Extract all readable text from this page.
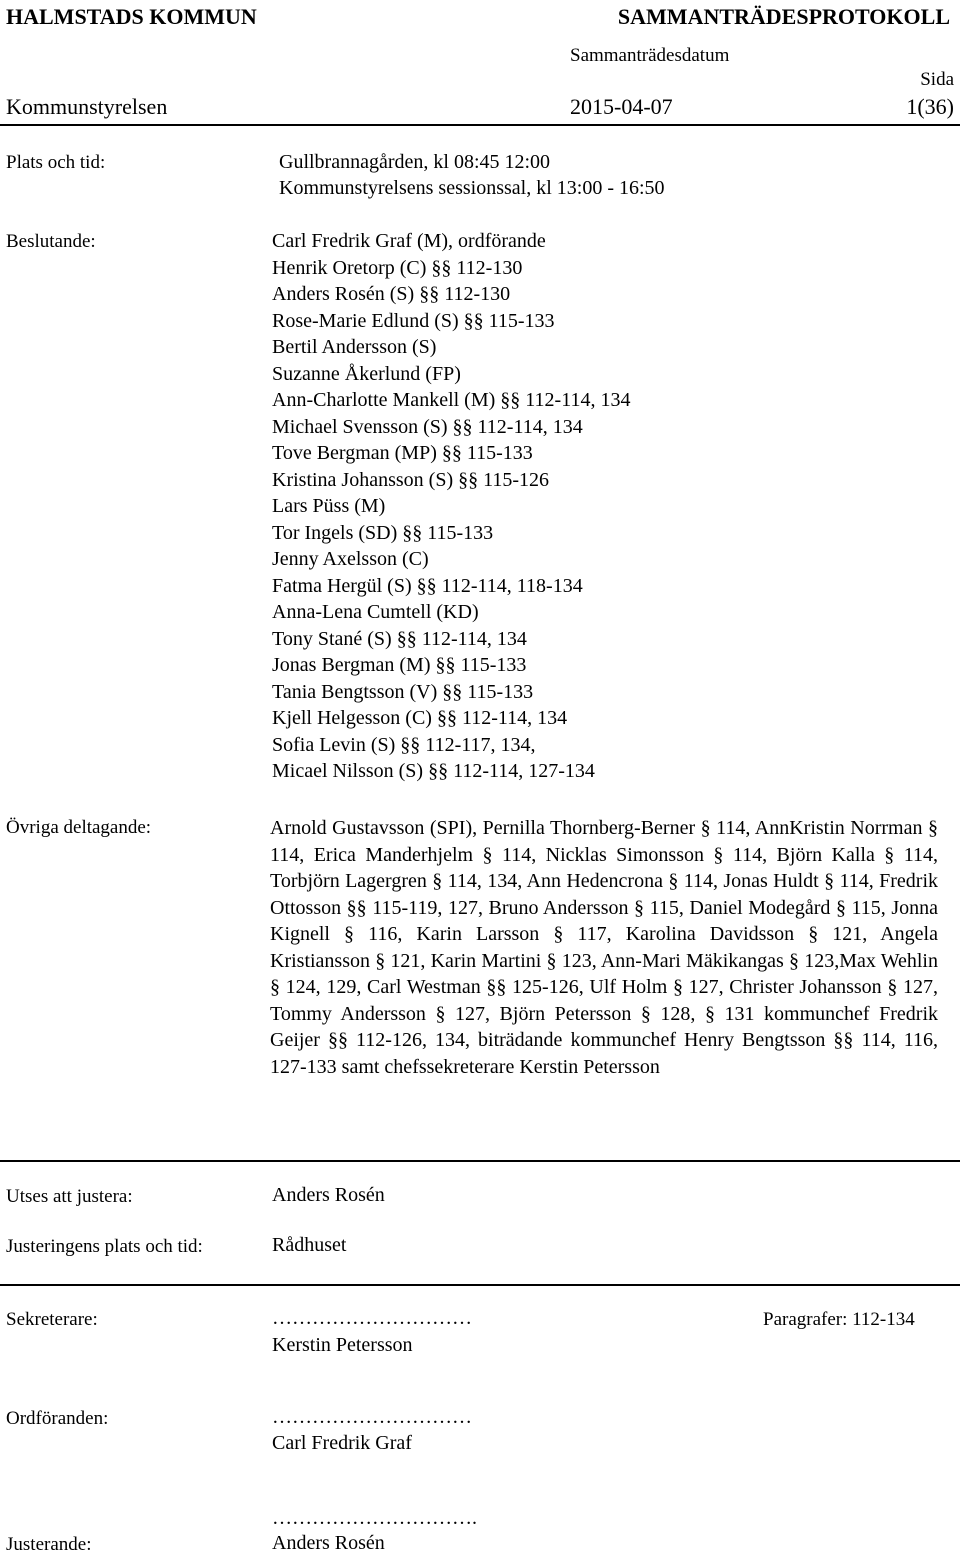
HALMSTADS KOMMUN	SAMMANTRÄDESPROTOKOLL
Sammanträdesdatum
Sida
Kommunstyrelsen	2015-04-07	1(36)
Plats och tid:	Gullbrannagården, kl 08:45 12:00
Kommunstyrelsens sessionssal, kl 13:00 - 16:50
Beslutande:	Carl Fredrik Graf (M), ordförande
Henrik Oretorp (C) §§ 112-130
Anders Rosén (S) §§ 112-130
Rose-Marie Edlund (S) §§ 115-133
Bertil Andersson (S)
Suzanne Åkerlund (FP)
Ann-Charlotte Mankell (M) §§ 112-114, 134
Michael Svensson (S) §§ 112-114, 134
Tove Bergman (MP) §§ 115-133
Kristina Johansson (S) §§ 115-126
Lars Püss (M)
Tor Ingels (SD) §§ 115-133
Jenny Axelsson (C)
Fatma Hergül (S) §§ 112-114, 118-134
Anna-Lena Cumtell (KD)
Tony Stané (S) §§ 112-114, 134
Jonas Bergman (M) §§ 115-133
Tania Bengtsson (V) §§ 115-133
Kjell Helgesson (C) §§ 112-114, 134
Sofia Levin (S) §§ 112-117, 134,
Micael Nilsson (S) §§ 112-114, 127-134
Övriga deltagande:	Arnold Gustavsson (SPI), Pernilla Thornberg-Berner § 114, AnnKristin Norrman § 114, Erica Manderhjelm § 114, Nicklas Simonsson § 114, Björn Kalla § 114, Torbjörn Lagergren § 114, 134, Ann Hedencrona § 114, Jonas Huldt § 114, Fredrik Ottosson §§ 115-119, 127, Bruno Andersson § 115, Daniel Modegård § 115, Jonna Kignell § 116, Karin Larsson § 117, Karolina Davidsson § 121, Angela Kristiansson § 121, Karin Martini § 123, Ann-Mari Mäkikangas § 123,Max Wehlin § 124, 129, Carl Westman §§ 125-126, Ulf Holm § 127, Christer Johansson § 127, Tommy Andersson § 127, Björn Petersson § 128, § 131 kommunchef Fredrik Geijer §§ 112-126, 134, biträdande kommunchef Henry Bengtsson §§ 114, 116, 127-133 samt chefssekreterare Kerstin Petersson
Utses att justera:	Anders Rosén
Justeringens plats och tid:	Rådhuset
Sekreterare:	…………………………	Paragrafer: 112-134
Kerstin Petersson
Ordföranden:	…………………………
Carl Fredrik Graf
Justerande:
………………………….
Anders Rosén
